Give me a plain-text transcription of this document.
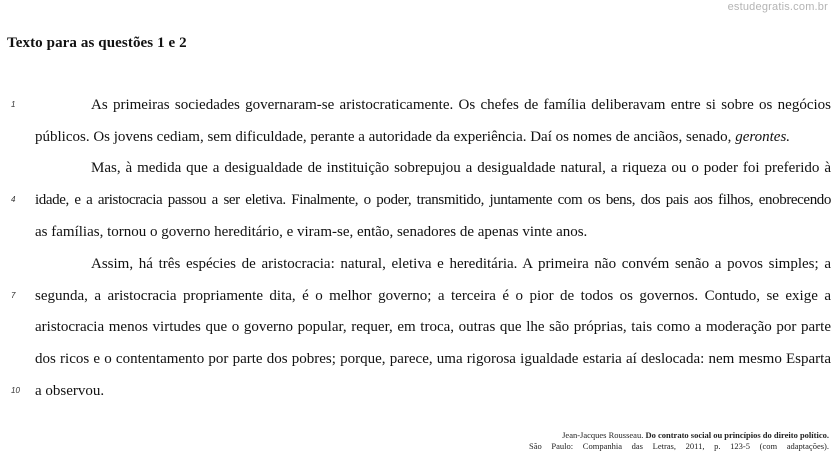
estudegratis.com.br
Texto para as questões 1 e 2
1	As primeiras sociedades governaram-se aristocraticamente. Os chefes de família deliberavam entre si sobre os negócios
públicos. Os jovens cediam, sem dificuldade, perante a autoridade da experiência. Daí os nomes de anciãos, senado, gerontes.
Mas, à medida que a desigualdade de instituição sobrepujou a desigualdade natural, a riqueza ou o poder foi preferido à
4 idade, e a aristocracia passou a ser eletiva. Finalmente, o poder, transmitido, juntamente com os bens, dos pais aos filhos, enobrecendo
as famílias, tornou o governo hereditário, e viram-se, então, senadores de apenas vinte anos.
Assim, há três espécies de aristocracia: natural, eletiva e hereditária. A primeira não convém senão a povos simples; a
7 segunda, a aristocracia propriamente dita, é o melhor governo; a terceira é o pior de todos os governos. Contudo, se exige a
aristocracia menos virtudes que o governo popular, requer, em troca, outras que lhe são próprias, tais como a moderação por parte
dos ricos e o contentamento por parte dos pobres; porque, parece, uma rigorosa igualdade estaria aí deslocada: nem mesmo Esparta
10 a observou.
Jean-Jacques Rousseau. Do contrato social ou princípios do direito político.
São Paulo: Companhia das Letras, 2011, p. 123-5 (com adaptações).
